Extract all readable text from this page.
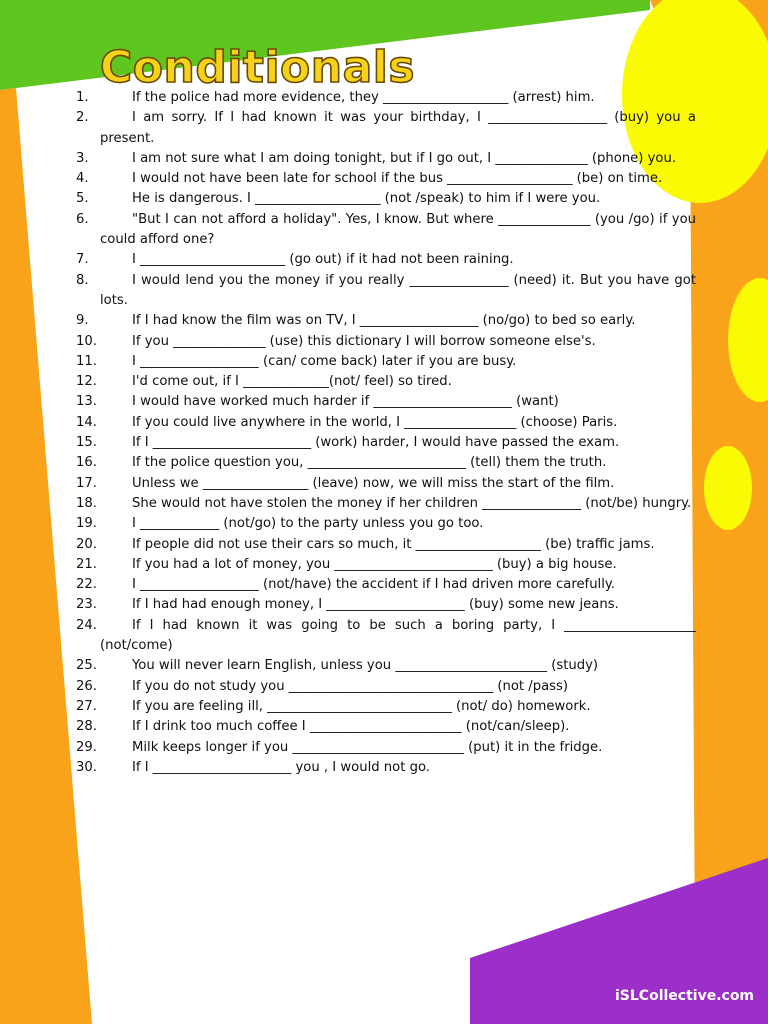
Conditionals
1.	If the police had more evidence, they ___________________ (arrest) him.
2.	I am sorry. If I had known it was your birthday, I __________________ (buy) you a present.
3.	I am not sure what I am doing tonight, but if I go out, I ______________ (phone) you.
4.	I would not have been late for school if the bus ___________________ (be) on time.
5.	He is dangerous. I ___________________ (not /speak) to him if I were you.
6.	"But I can not afford a holiday". Yes, I know. But where ______________ (you /go) if you could afford one?
7.	I ______________________ (go out) if it had not been raining.
8.	I would lend you the money if you really _______________ (need) it. But you have got lots.
9.	If I had know the film was on TV, I __________________ (no/go) to bed so early.
10.	If you ______________ (use) this dictionary I will borrow someone else's.
11.	I __________________ (can/ come back) later if you are busy.
12.	I'd come out, if I _____________(not/ feel) so tired.
13.	I would have worked much harder if _____________________ (want)
14.	If you could live anywhere in the world, I _________________ (choose) Paris.
15.	If I ________________________ (work) harder, I would have passed the exam.
16.	If the police question you, ________________________ (tell) them the truth.
17.	Unless we ________________ (leave) now, we will miss the start of the film.
18.	She would not have stolen the money if her children _______________ (not/be) hungry.
19.	I ____________ (not/go) to the party unless you go too.
20.	If people did not use their cars so much, it ___________________ (be) traffic jams.
21.	If you had a lot of money, you ________________________ (buy) a big house.
22.	I __________________ (not/have) the accident if I had driven more carefully.
23.	If I had had enough money, I _____________________ (buy) some new jeans.
24.	If I had known it was going to be such a boring party, I ____________________ (not/come)
25.	You will never learn English, unless you _______________________ (study)
26.	If you do not study you _______________________________ (not /pass)
27.	If you are feeling ill, ____________________________ (not/ do) homework.
28.	If I drink too much coffee I _______________________ (not/can/sleep).
29.	Milk keeps longer if you __________________________ (put) it in the fridge.
30.	If I _____________________ you , I would not go.
iSLCollective.com
